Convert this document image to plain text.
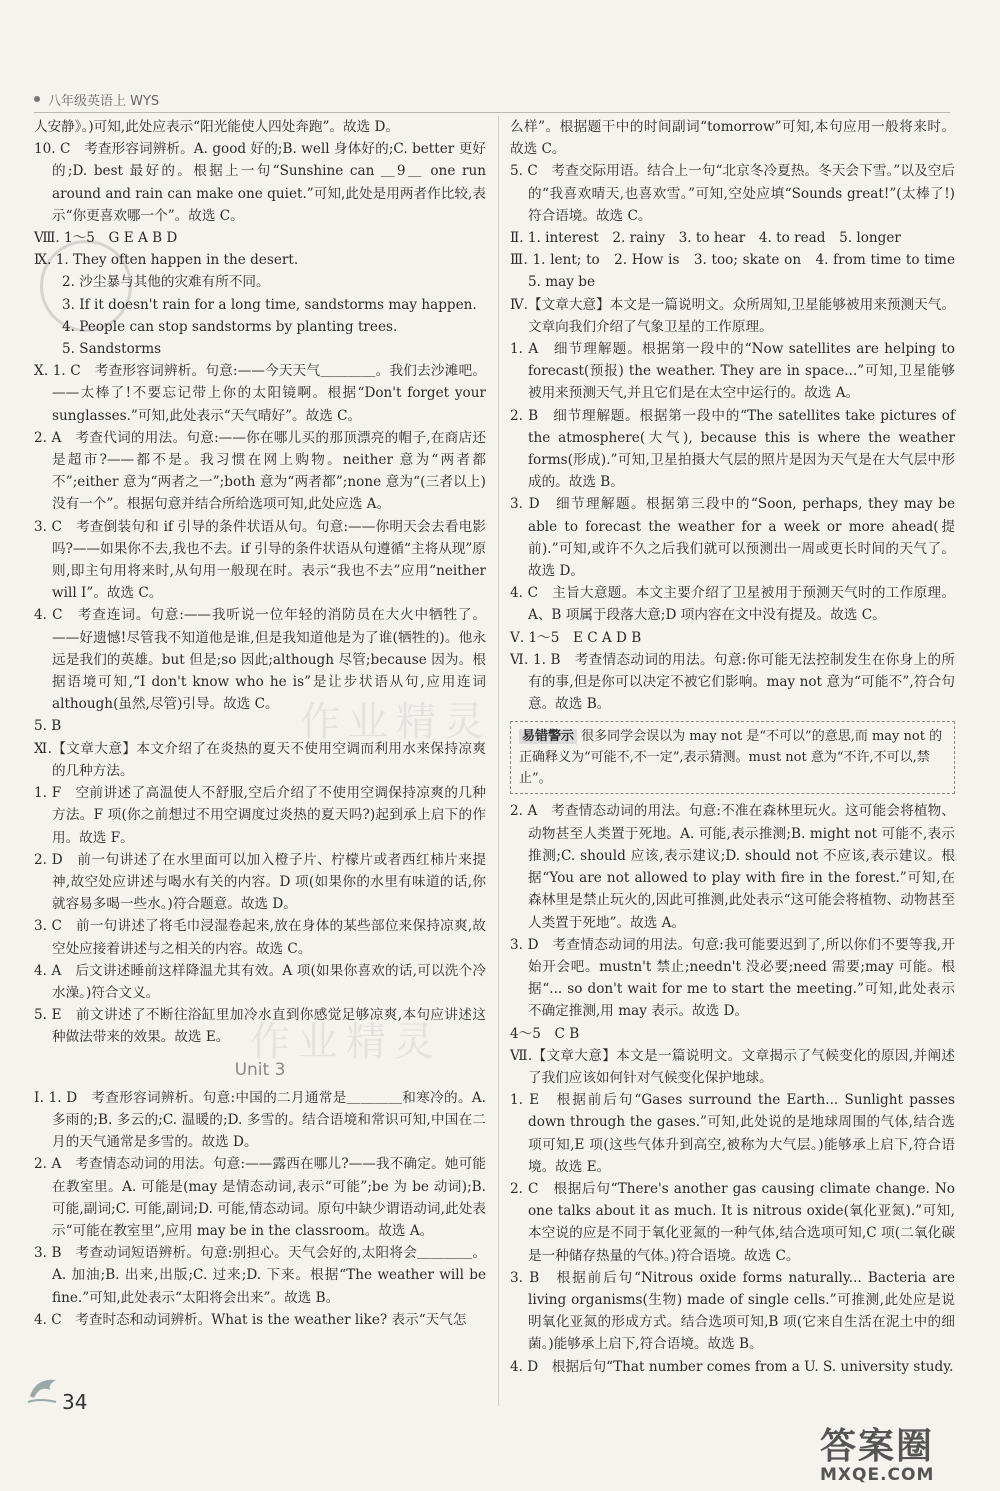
八年级英语上 WYS
作业精灵
作业精灵

人安静》。)可知,此处应表示“阳光能使人四处奔跑”。故选 D。

10. C　考查形容词辨析。A. good 好的;B. well 身体好的;C. better 更好的;D. best 最好的。根据上一句“Sunshine can ＿9＿ one run around and rain can make one quiet.”可知,此处是用两者作比较,表示“你更喜欢哪一个”。故选 C。

Ⅷ. 1～5　G E A B D

Ⅸ. 1. They often happen in the desert.

2. 沙尘暴与其他的灾难有所不同。

3. If it doesn't rain for a long time, sandstorms may happen.

4. People can stop sandstorms by planting trees.

5. Sandstorms

Ⅹ. 1. C　考查形容词辨析。句意:——今天天气＿＿＿＿。我们去沙滩吧。——太棒了!不要忘记带上你的太阳镜啊。根据“Don't forget your sunglasses.”可知,此处表示“天气晴好”。故选 C。

2. A　考查代词的用法。句意:——你在哪儿买的那顶漂亮的帽子,在商店还是超市?——都不是。我习惯在网上购物。neither 意为“两者都不”;either 意为“两者之一”;both 意为“两者都”;none 意为“(三者以上)没有一个”。根据句意并结合所给选项可知,此处应选 A。

3. C　考查倒装句和 if 引导的条件状语从句。句意:——你明天会去看电影吗?——如果你不去,我也不去。if 引导的条件状语从句遵循“主将从现”原则,即主句用将来时,从句用一般现在时。表示“我也不去”应用“neither will I”。故选 C。

4. C　考查连词。句意:——我听说一位年轻的消防员在大火中牺牲了。——好遗憾!尽管我不知道他是谁,但是我知道他是为了谁(牺牲的)。他永远是我们的英雄。but 但是;so 因此;although 尽管;because 因为。根据语境可知,“I don't know who he is”是让步状语从句,应用连词 although(虽然,尽管)引导。故选 C。

5. B

Ⅺ.【文章大意】本文介绍了在炎热的夏天不使用空调而利用水来保持凉爽的几种方法。

1. F　空前讲述了高温使人不舒服,空后介绍了不使用空调保持凉爽的几种方法。F 项(你之前想过不用空调度过炎热的夏天吗?)起到承上启下的作用。故选 F。

2. D　前一句讲述了在水里面可以加入橙子片、柠檬片或者西红柿片来提神,故空处应讲述与喝水有关的内容。D 项(如果你的水里有味道的话,你就容易多喝一些水。)符合题意。故选 D。

3. C　前一句讲述了将毛巾浸湿卷起来,放在身体的某些部位来保持凉爽,故空处应接着讲述与之相关的内容。故选 C。

4. A　后文讲述睡前这样降温尤其有效。A 项(如果你喜欢的话,可以洗个冷水澡。)符合文义。

5. E　前文讲述了不断往浴缸里加冷水直到你感觉足够凉爽,本句应讲述这种做法带来的效果。故选 E。

Unit 3

Ⅰ. 1. D　考查形容词辨析。句意:中国的二月通常是＿＿＿＿和寒冷的。A. 多雨的;B. 多云的;C. 温暖的;D. 多雪的。结合语境和常识可知,中国在二月的天气通常是多雪的。故选 D。

2. A　考查情态动词的用法。句意:——露西在哪儿?——我不确定。她可能在教室里。A. 可能是(may 是情态动词,表示“可能”;be 为 be 动词);B. 可能,副词;C. 可能,副词;D. 可能,情态动词。原句中缺少谓语动词,此处表示“可能在教室里”,应用 may be in the classroom。故选 A。

3. B　考查动词短语辨析。句意:别担心。天气会好的,太阳将会＿＿＿＿。A. 加油;B. 出来,出版;C. 过来;D. 下来。根据“The weather will be fine.”可知,此处表示“太阳将会出来”。故选 B。

4. C　考查时态和动词辨析。What is the weather like? 表示“天气怎

么样”。根据题干中的时间副词“tomorrow”可知,本句应用一般将来时。故选 C。

5. C　考查交际用语。结合上一句“北京冬冷夏热。冬天会下雪。”以及空后的“我喜欢晴天,也喜欢雪。”可知,空处应填“Sounds great!”(太棒了!)符合语境。故选 C。

Ⅱ. 1. interest　2. rainy　3. to hear　4. to read　5. longer

Ⅲ. 1. lent; to　2. How is　3. too; skate on　4. from time to time　5. may be

Ⅳ.【文章大意】本文是一篇说明文。众所周知,卫星能够被用来预测天气。文章向我们介绍了气象卫星的工作原理。

1. A　细节理解题。根据第一段中的“Now satellites are helping to forecast(预报) the weather. They are in space...”可知,卫星能够被用来预测天气,并且它们是在太空中运行的。故选 A。

2. B　细节理解题。根据第一段中的“The satellites take pictures of the atmosphere(大气), because this is where the weather forms(形成).”可知,卫星拍摄大气层的照片是因为天气是在大气层中形成的。故选 B。

3. D　细节理解题。根据第三段中的“Soon, perhaps, they may be able to forecast the weather for a week or more ahead(提前).”可知,或许不久之后我们就可以预测出一周或更长时间的天气了。故选 D。

4. C　主旨大意题。本文主要介绍了卫星被用于预测天气时的工作原理。A、B 项属于段落大意;D 项内容在文中没有提及。故选 C。

Ⅴ. 1～5　E C A D B

Ⅵ. 1. B　考查情态动词的用法。句意:你可能无法控制发生在你身上的所有的事,但是你可以决定不被它们影响。may not 意为“可能不”,符合句意。故选 B。

易错警示 很多同学会误以为 may not 是“不可以”的意思,而 may not 的正确释义为“可能不,不一定”,表示猜测。must not 意为“不许,不可以,禁止”。

2. A　考查情态动词的用法。句意:不准在森林里玩火。这可能会将植物、动物甚至人类置于死地。A. 可能,表示推测;B. might not 可能不,表示推测;C. should 应该,表示建议;D. should not 不应该,表示建议。根据“You are not allowed to play with fire in the forest.”可知,在森林里是禁止玩火的,因此可推测,此处表示“这可能会将植物、动物甚至人类置于死地”。故选 A。

3. D　考查情态动词的用法。句意:我可能要迟到了,所以你们不要等我,开始开会吧。mustn't 禁止;needn't 没必要;need 需要;may 可能。根据“... so don't wait for me to start the meeting.”可知,此处表示不确定推测,用 may 表示。故选 D。

4～5　C B

Ⅶ.【文章大意】本文是一篇说明文。文章揭示了气候变化的原因,并阐述了我们应该如何针对气候变化保护地球。

1. E　根据前后句“Gases surround the Earth... Sunlight passes down through the gases.”可知,此处说的是地球周围的气体,结合选项可知,E 项(这些气体升到高空,被称为大气层。)能够承上启下,符合语境。故选 E。

2. C　根据后句“There's another gas causing climate change. No one talks about it as much. It is nitrous oxide(氧化亚氮).”可知,本空说的应是不同于氧化亚氮的一种气体,结合选项可知,C 项(二氧化碳是一种储存热量的气体。)符合语境。故选 C。

3. B　根据前后句“Nitrous oxide forms naturally... Bacteria are living organisms(生物) made of single cells.”可推测,此处应是说明氧化亚氮的形成方式。结合选项可知,B 项(它来自生活在泥土中的细菌。)能够承上启下,符合语境。故选 B。

4. D　根据后句“That number comes from a U. S. university study.

34
答案圈
MXQE.COM
